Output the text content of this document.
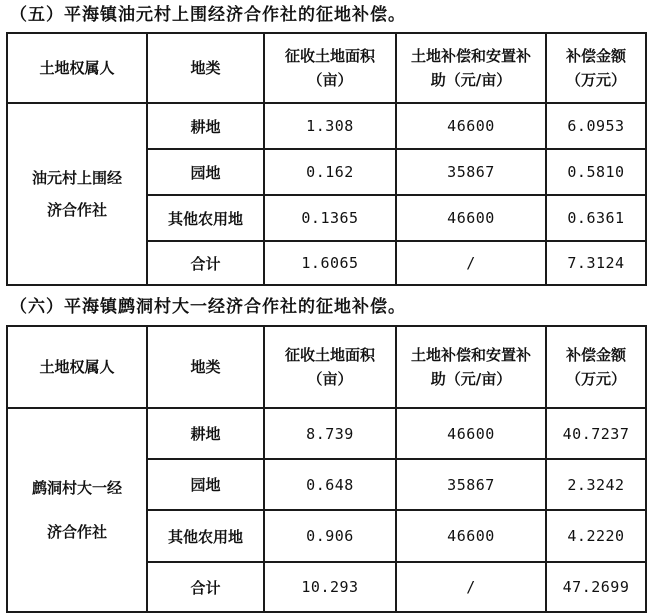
（五）平海镇油元村上围经济合作社的征地补偿。
土地权属人	地类	征收土地面积（亩）	土地补偿和安置补助（元/亩）	补偿金额（万元）
油元村上围经济合作社	耕地	1.308	46600	6.0953
	园地	0.162	35867	0.5810
	其他农用地	0.1365	46600	0.6361
	合计	1.6065	/	7.3124
（六）平海镇鹧洞村大一经济合作社的征地补偿。
土地权属人	地类	征收土地面积（亩）	土地补偿和安置补助（元/亩）	补偿金额（万元）
鹧洞村大一经济合作社	耕地	8.739	46600	40.7237
	园地	0.648	35867	2.3242
	其他农用地	0.906	46600	4.2220
	合计	10.293	/	47.2699
